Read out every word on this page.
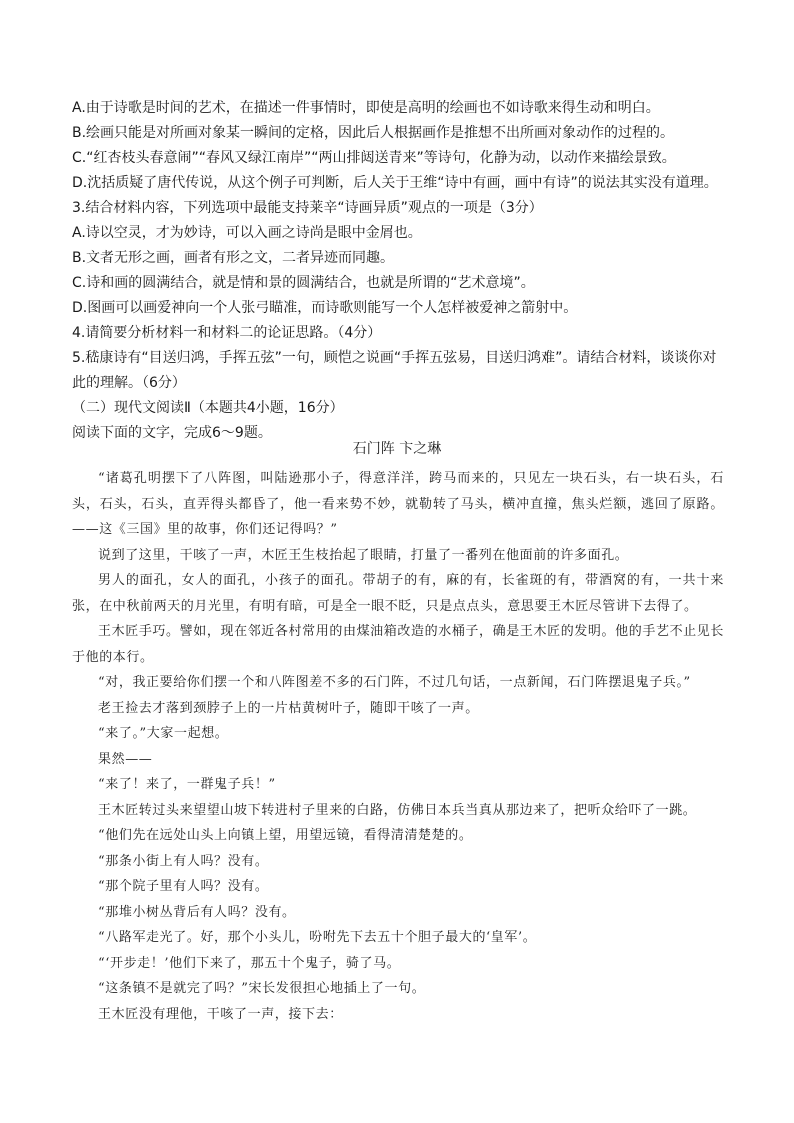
A.由于诗歌是时间的艺术，在描述一件事情时，即使是高明的绘画也不如诗歌来得生动和明白。
B.绘画只能是对所画对象某一瞬间的定格，因此后人根据画作是推想不出所画对象动作的过程的。
C.“红杏枝头春意闹”“春风又绿江南岸”“两山排闼送青来”等诗句，化静为动，以动作来描绘景致。
D.沈括质疑了唐代传说，从这个例子可判断，后人关于王维“诗中有画，画中有诗”的说法其实没有道理。
3.结合材料内容，下列选项中最能支持莱辛“诗画异质”观点的一项是（3分）
A.诗以空灵，才为妙诗，可以入画之诗尚是眼中金屑也。
B.文者无形之画，画者有形之文，二者异迹而同趣。
C.诗和画的圆满结合，就是情和景的圆满结合，也就是所谓的“艺术意境”。
D.图画可以画爱神向一个人张弓瞄准，而诗歌则能写一个人怎样被爱神之箭射中。
4.请简要分析材料一和材料二的论证思路。（4分）
5.嵇康诗有“目送归鸿，手挥五弦”一句，顾恺之说画“手挥五弦易，目送归鸿难”。请结合材料，谈谈你对此的理解。（6分）
（二）现代文阅读Ⅱ（本题共4小题，16分）
阅读下面的文字，完成6～9题。
石门阵 卞之琳

“诸葛孔明摆下了八阵图，叫陆逊那小子，得意洋洋，跨马而来的，只见左一块石头，右一块石头，石头，石头，石头，直弄得头都昏了，他一看来势不妙，就勒转了马头，横冲直撞，焦头烂额，逃回了原路。——这《三国》里的故事，你们还记得吗？”

说到了这里，干咳了一声，木匠王生枝抬起了眼睛，打量了一番列在他面前的许多面孔。

男人的面孔，女人的面孔，小孩子的面孔。带胡子的有，麻的有，长雀斑的有，带酒窝的有，一共十来张，在中秋前两天的月光里，有明有暗，可是全一眼不眨，只是点点头，意思要王木匠尽管讲下去得了。

王木匠手巧。譬如，现在邻近各村常用的由煤油箱改造的水桶子，确是王木匠的发明。他的手艺不止见长于他的本行。

“对，我正要给你们摆一个和八阵图差不多的石门阵，不过几句话，一点新闻，石门阵摆退鬼子兵。”

老王捡去才落到颈脖子上的一片枯黄树叶子，随即干咳了一声。

“来了。”大家一起想。

果然——

“来了！来了，一群鬼子兵！”

王木匠转过头来望望山坡下转进村子里来的白路，仿佛日本兵当真从那边来了，把听众给吓了一跳。

“他们先在远处山头上向镇上望，用望远镜，看得清清楚楚的。

“那条小街上有人吗？没有。

“那个院子里有人吗？没有。

“那堆小树丛背后有人吗？没有。

“八路军走光了。好，那个小头儿，吩咐先下去五十个胆子最大的‘皇军’。

“‘开步走！’他们下来了，那五十个鬼子，骑了马。

“这条镇不是就完了吗？”宋长发很担心地插上了一句。

王木匠没有理他，干咳了一声，接下去：
